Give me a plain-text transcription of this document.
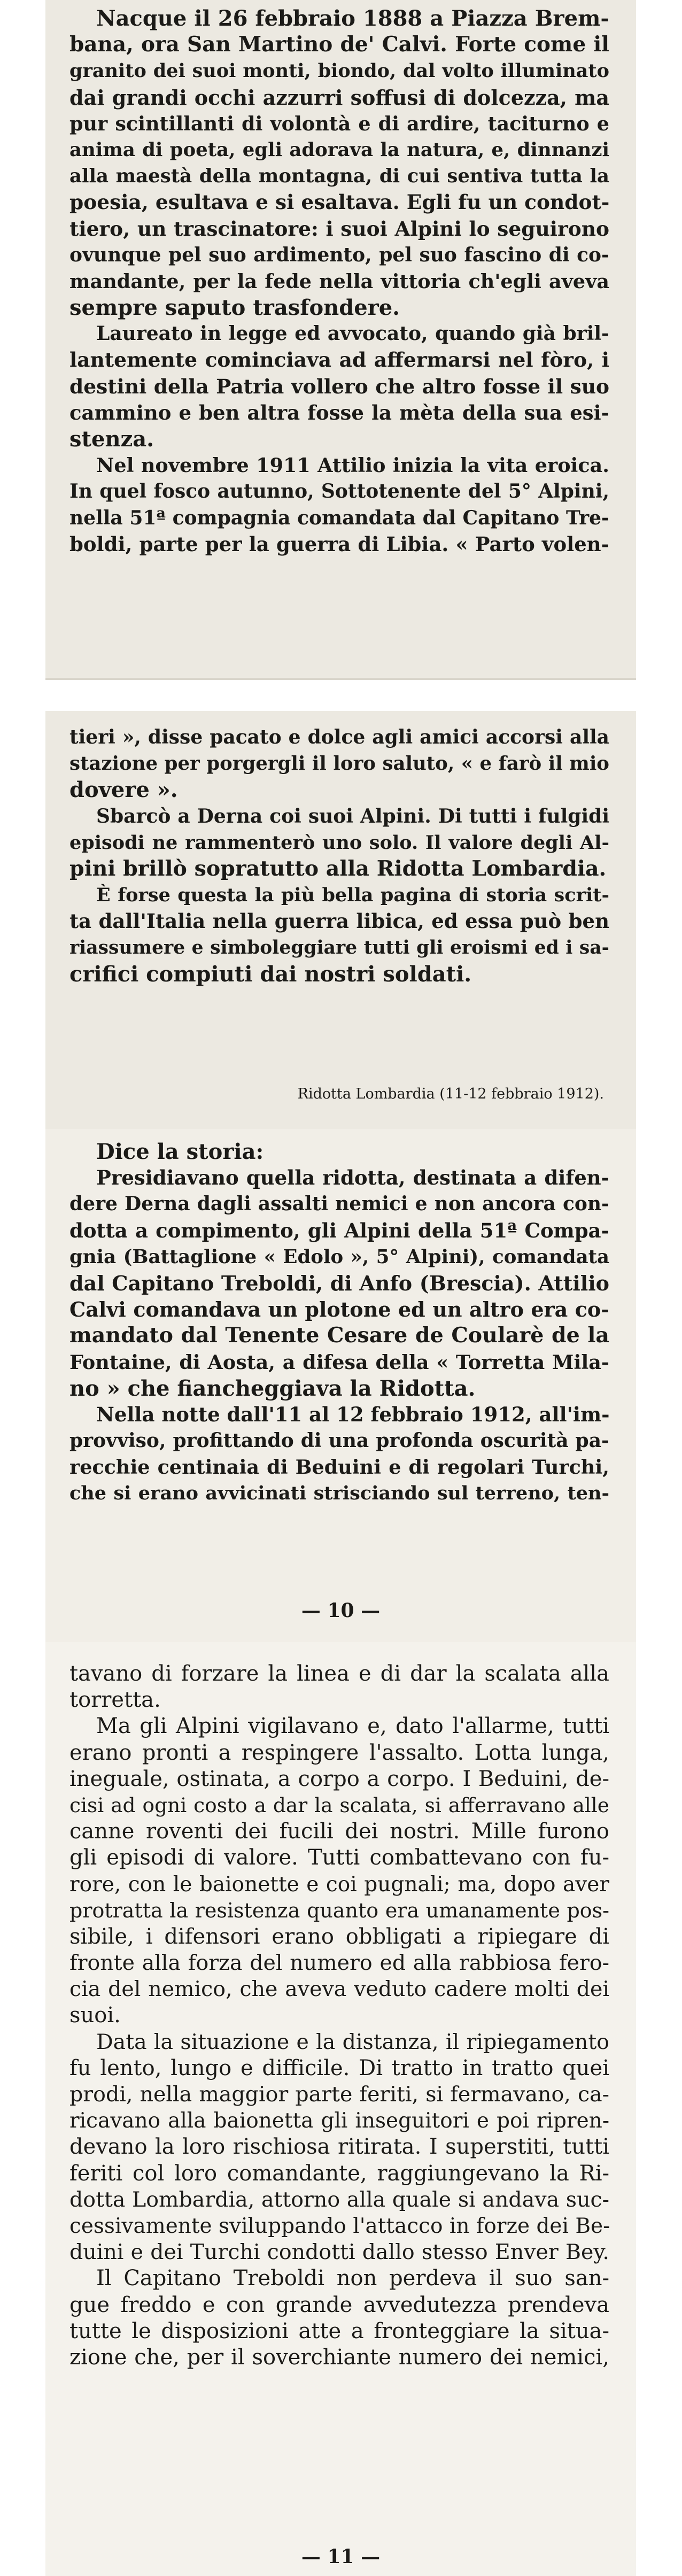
Nacque il 26 febbraio 1888 a Piazza Brem-
bana, ora San Martino de' Calvi. Forte come il
granito dei suoi monti, biondo, dal volto illuminato
dai grandi occhi azzurri soffusi di dolcezza, ma
pur scintillanti di volontà e di ardire, taciturno e
anima di poeta, egli adorava la natura, e, dinnanzi
alla maestà della montagna, di cui sentiva tutta la
poesia, esultava e si esaltava. Egli fu un condot-
tiero, un trascinatore: i suoi Alpini lo seguirono
ovunque pel suo ardimento, pel suo fascino di co-
mandante, per la fede nella vittoria ch'egli aveva
sempre saputo trasfondere.
Laureato in legge ed avvocato, quando già bril-
lantemente cominciava ad affermarsi nel fòro, i
destini della Patria vollero che altro fosse il suo
cammino e ben altra fosse la mèta della sua esi-
stenza.
Nel novembre 1911 Attilio inizia la vita eroica.
In quel fosco autunno, Sottotenente del 5° Alpini,
nella 51ª compagnia comandata dal Capitano Tre-
boldi, parte per la guerra di Libia. « Parto volen-
tieri », disse pacato e dolce agli amici accorsi alla
stazione per porgergli il loro saluto, « e farò il mio
dovere ».
Sbarcò a Derna coi suoi Alpini. Di tutti i fulgidi
episodi ne rammenterò uno solo. Il valore degli Al-
pini brillò sopratutto alla Ridotta Lombardia.
È forse questa la più bella pagina di storia scrit-
ta dall'Italia nella guerra libica, ed essa può ben
riassumere e simboleggiare tutti gli eroismi ed i sa-
crifici compiuti dai nostri soldati.
Ridotta Lombardia (11-12 febbraio 1912).
Dice la storia:
Presidiavano quella ridotta, destinata a difen-
dere Derna dagli assalti nemici e non ancora con-
dotta a compimento, gli Alpini della 51ª Compa-
gnia (Battaglione « Edolo », 5° Alpini), comandata
dal Capitano Treboldi, di Anfo (Brescia). Attilio
Calvi comandava un plotone ed un altro era co-
mandato dal Tenente Cesare de Coularè de la
Fontaine, di Aosta, a difesa della « Torretta Mila-
no » che fiancheggiava la Ridotta.
Nella notte dall'11 al 12 febbraio 1912, all'im-
provviso, profittando di una profonda oscurità pa-
recchie centinaia di Beduini e di regolari Turchi,
che si erano avvicinati strisciando sul terreno, ten-
— 10 —
tavano di forzare la linea e di dar la scalata alla
torretta.
Ma gli Alpini vigilavano e, dato l'allarme, tutti
erano pronti a respingere l'assalto. Lotta lunga,
ineguale, ostinata, a corpo a corpo. I Beduini, de-
cisi ad ogni costo a dar la scalata, si afferravano alle
canne roventi dei fucili dei nostri. Mille furono
gli episodi di valore. Tutti combattevano con fu-
rore, con le baionette e coi pugnali; ma, dopo aver
protratta la resistenza quanto era umanamente pos-
sibile, i difensori erano obbligati a ripiegare di
fronte alla forza del numero ed alla rabbiosa fero-
cia del nemico, che aveva veduto cadere molti dei
suoi.
Data la situazione e la distanza, il ripiegamento
fu lento, lungo e difficile. Di tratto in tratto quei
prodi, nella maggior parte feriti, si fermavano, ca-
ricavano alla baionetta gli inseguitori e poi ripren-
devano la loro rischiosa ritirata. I superstiti, tutti
feriti col loro comandante, raggiungevano la Ri-
dotta Lombardia, attorno alla quale si andava suc-
cessivamente sviluppando l'attacco in forze dei Be-
duini e dei Turchi condotti dallo stesso Enver Bey.
Il Capitano Treboldi non perdeva il suo san-
gue freddo e con grande avvedutezza prendeva
tutte le disposizioni atte a fronteggiare la situa-
zione che, per il soverchiante numero dei nemici,
— 11 —
